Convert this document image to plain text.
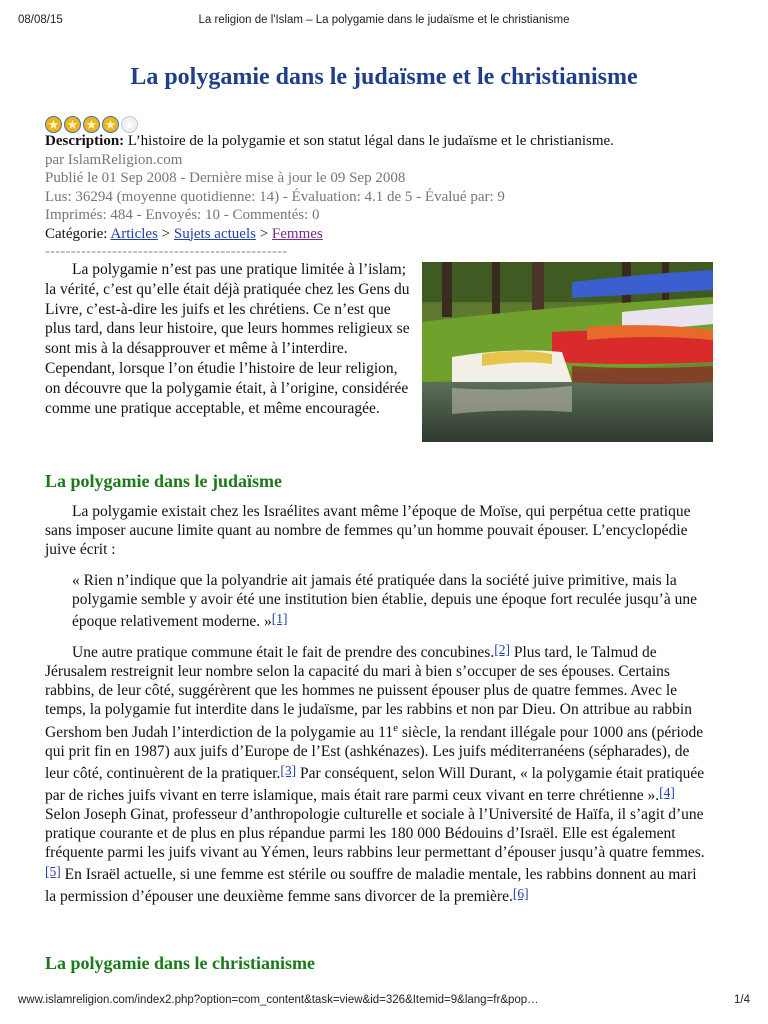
08/08/15	La religion de l'Islam – La polygamie dans le judaïsme et le christianisme
La polygamie dans le judaïsme et le christianisme
★ ★ ★ ★ ★
Description: L’histoire de la polygamie et son statut légal dans le judaïsme et le christianisme.
par IslamReligion.com
Publié le 01 Sep 2008 - Dernière mise à jour le 09 Sep 2008
Lus: 36294 (moyenne quotidienne: 14) - Évaluation: 4.1 de 5 - Évalué par: 9
Imprimés: 484 - Envoyés: 10 - Commentés: 0
Catégorie: Articles > Sujets actuels > Femmes
-----------------------------------------------

La polygamie n’est pas une pratique limitée à l’islam; la vérité, c’est qu’elle était déjà pratiquée chez les Gens du Livre, c’est-à-dire les juifs et les chrétiens. Ce n’est que plus tard, dans leur histoire, que leurs hommes religieux se sont mis à la désapprouver et même à l’interdire. Cependant, lorsque l’on étudie l’histoire de leur religion, on découvre que la polygamie était, à l’origine, considérée comme une pratique acceptable, et même encouragée.

La polygamie dans le judaïsme

La polygamie existait chez les Israélites avant même l’époque de Moïse, qui perpétua cette pratique sans imposer aucune limite quant au nombre de femmes qu’un homme pouvait épouser. L’encyclopédie juive écrit :

« Rien n’indique que la polyandrie ait jamais été pratiquée dans la société juive primitive, mais la polygamie semble y avoir été une institution bien établie, depuis une époque fort reculée jusqu’à une époque relativement moderne. »[1]

Une autre pratique commune était le fait de prendre des concubines.[2] Plus tard, le Talmud de Jérusalem restreignit leur nombre selon la capacité du mari à bien s’occuper de ses épouses. Certains rabbins, de leur côté, suggérèrent que les hommes ne puissent épouser plus de quatre femmes. Avec le temps, la polygamie fut interdite dans le judaïsme, par les rabbins et non par Dieu. On attribue au rabbin Gershom ben Judah l’interdiction de la polygamie au 11e siècle, la rendant illégale pour 1000 ans (période qui prit fin en 1987) aux juifs d’Europe de l’Est (ashkénazes). Les juifs méditerranéens (sépharades), de leur côté, continuèrent de la pratiquer.[3] Par conséquent, selon Will Durant, « la polygamie était pratiquée par de riches juifs vivant en terre islamique, mais était rare parmi ceux vivant en terre chrétienne ».[4] Selon Joseph Ginat, professeur d’anthropologie culturelle et sociale à l’Université de Haïfa, il s’agit d’une pratique courante et de plus en plus répandue parmi les 180 000 Bédouins d’Israël. Elle est également fréquente parmi les juifs vivant au Yémen, leurs rabbins leur permettant d’épouser jusqu’à quatre femmes.[5] En Israël actuelle, si une femme est stérile ou souffre de maladie mentale, les rabbins donnent au mari la permission d’épouser une deuxième femme sans divorcer de la première.[6]

La polygamie dans le christianisme
www.islamreligion.com/index2.php?option=com_content&task=view&id=326&Itemid=9&lang=fr&pop…	1/4
